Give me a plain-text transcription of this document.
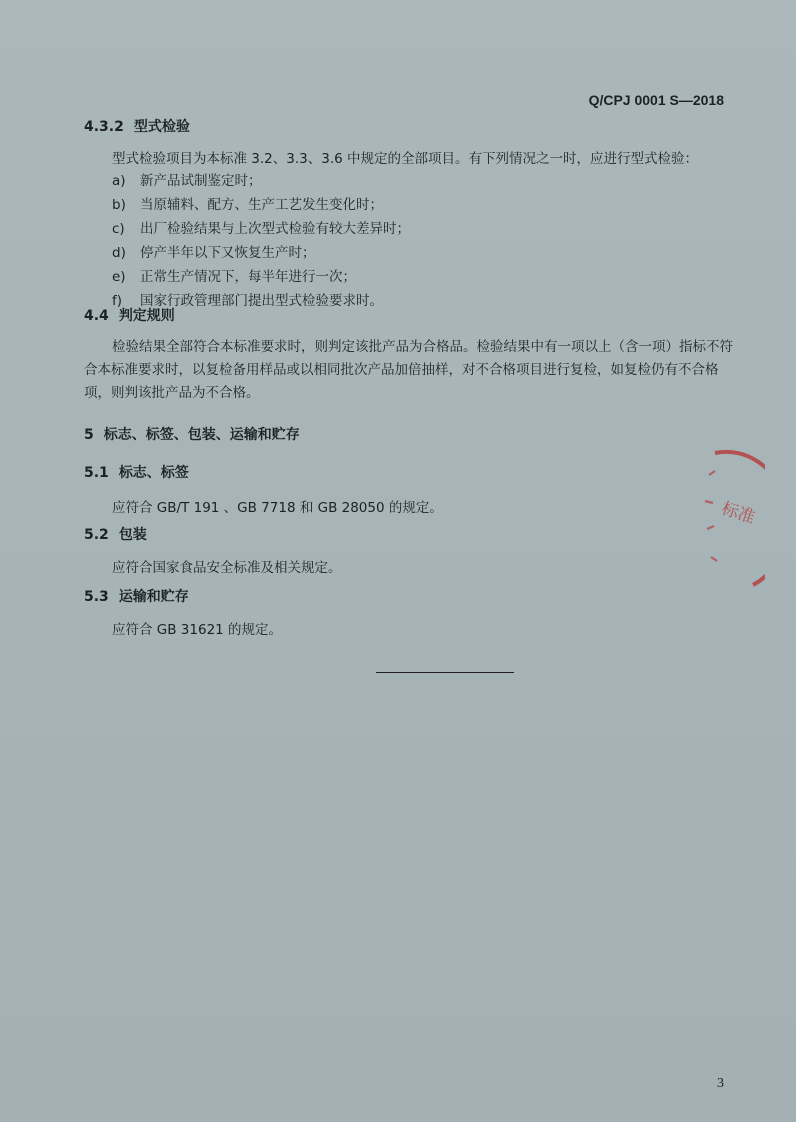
Q/CPJ 0001 S—2018
4.3.2 型式检验
型式检验项目为本标准 3.2、3.3、3.6 中规定的全部项目。有下列情况之一时，应进行型式检验：
a) 新产品试制鉴定时；
b) 当原辅料、配方、生产工艺发生变化时；
c) 出厂检验结果与上次型式检验有较大差异时；
d) 停产半年以下又恢复生产时；
e) 正常生产情况下，每半年进行一次；
f) 国家行政管理部门提出型式检验要求时。
4.4 判定规则
检验结果全部符合本标准要求时，则判定该批产品为合格品。检验结果中有一项以上（含一项）指标不符合本标准要求时，以复检备用样品或以相同批次产品加倍抽样，对不合格项目进行复检，如复检仍有不合格项，则判该批产品为不合格。
5 标志、标签、包装、运输和贮存
5.1 标志、标签
应符合 GB/T 191 、GB 7718 和 GB 28050 的规定。
5.2 包装
应符合国家食品安全标准及相关规定。
5.3 运输和贮存
应符合 GB 31621 的规定。
标准
3
